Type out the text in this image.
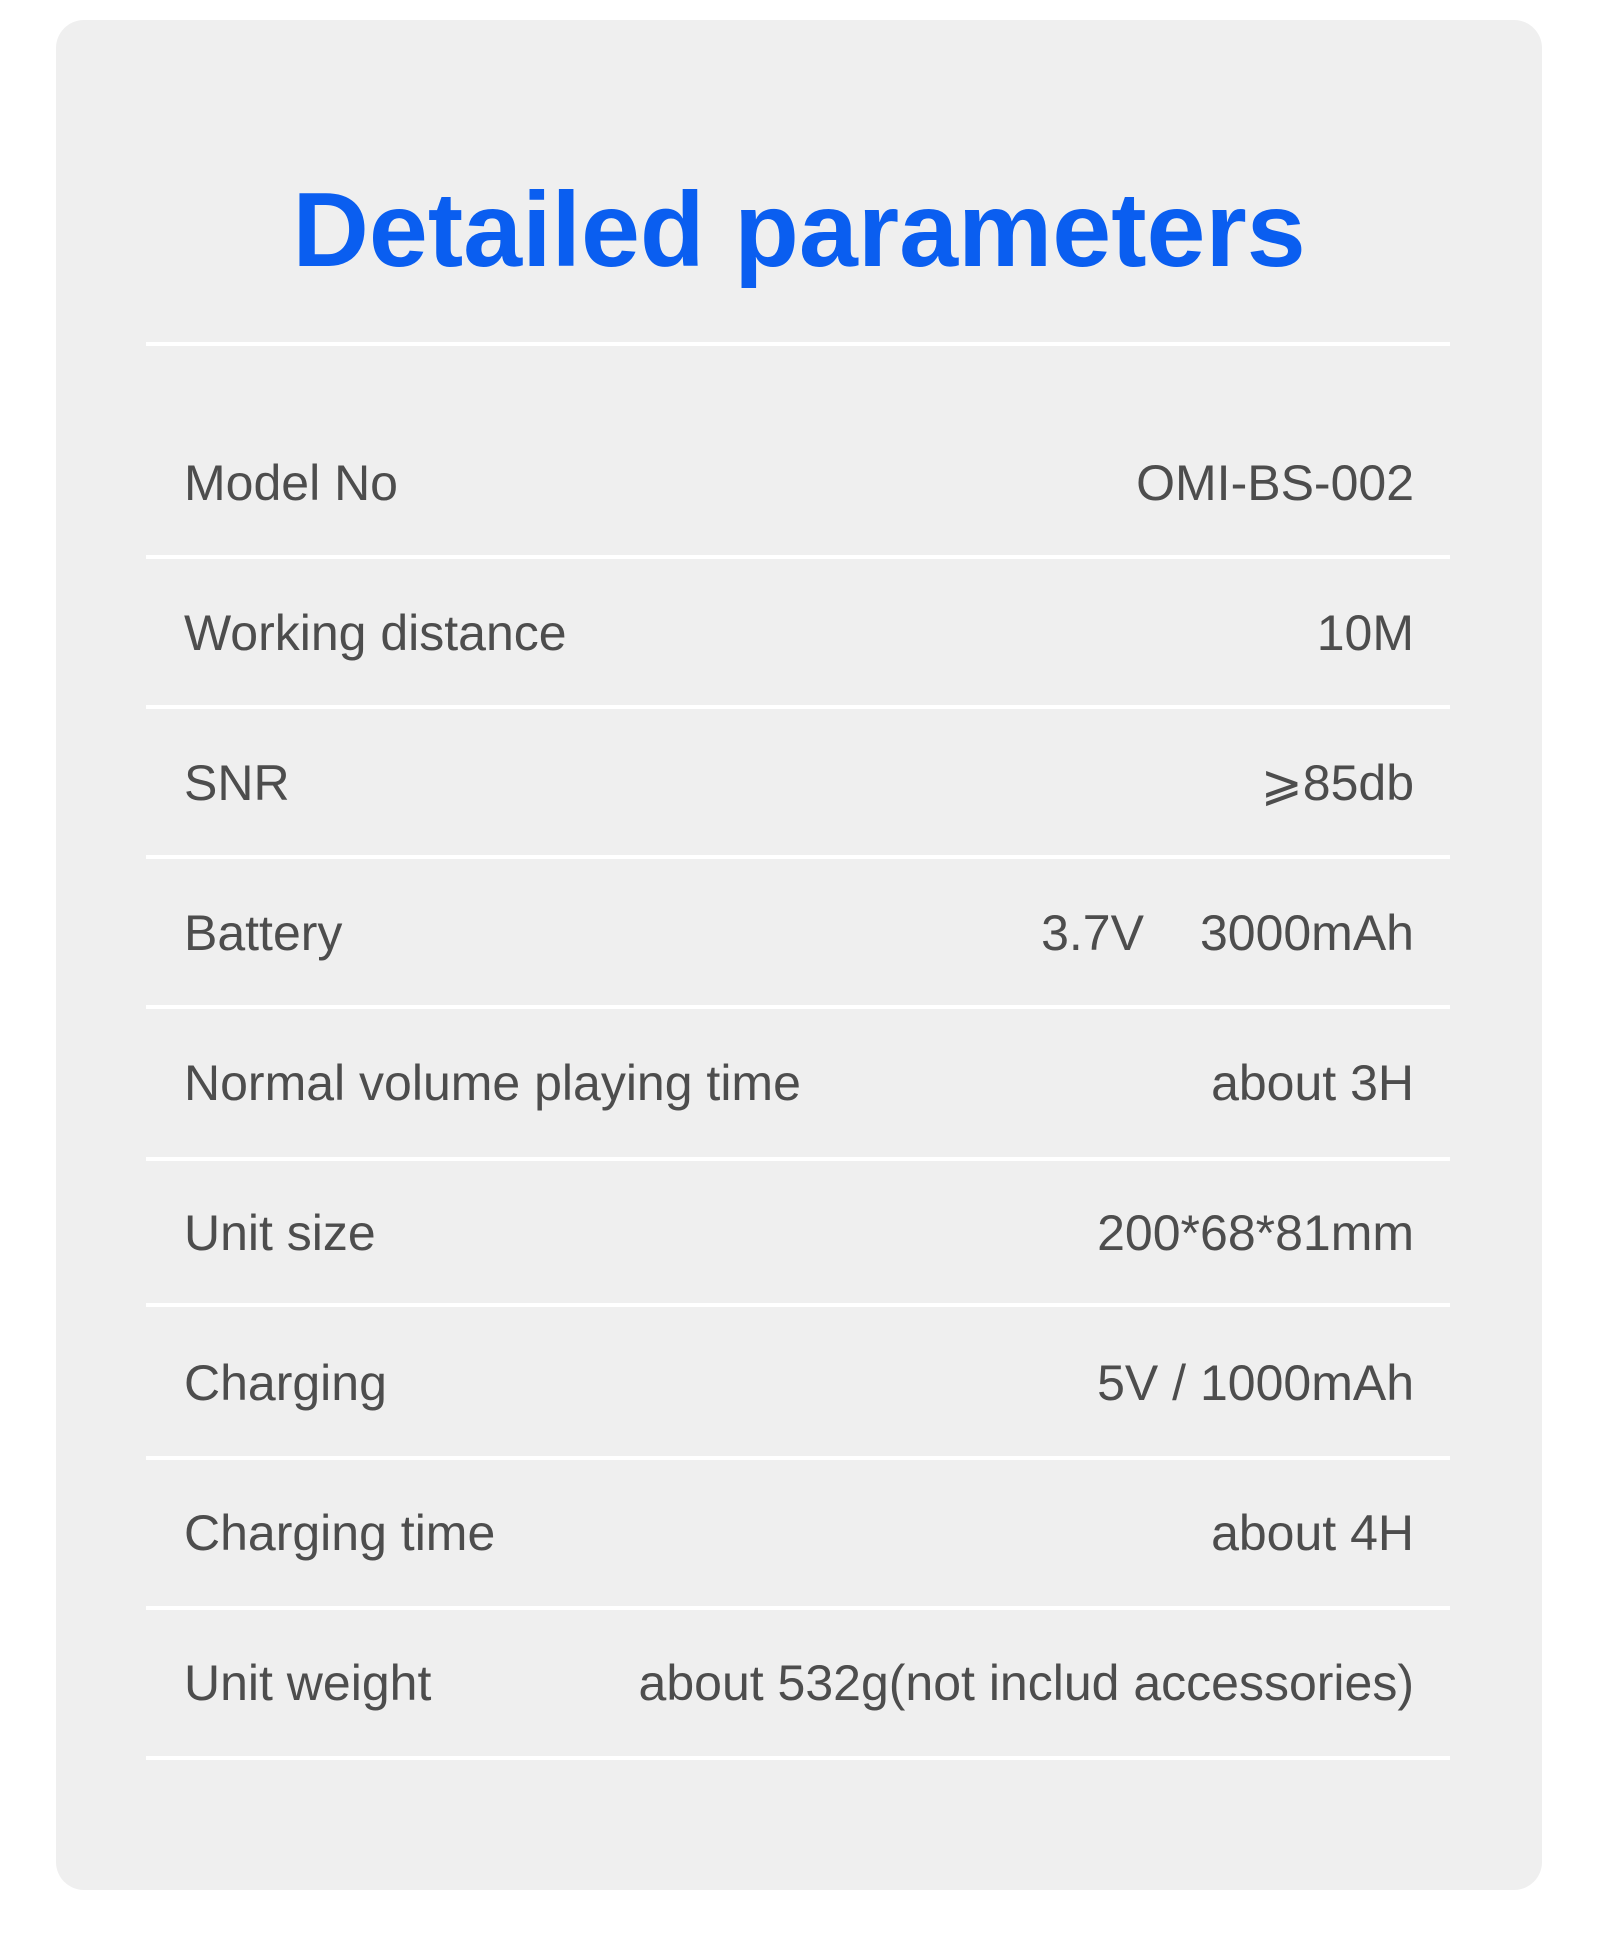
Detailed parameters
Model No	OMI-BS-002
Working distance	10M
SNR	⩾85db
Battery	3.7V 3000mAh
Normal volume playing time	about 3H
Unit size	200*68*81mm
Charging	5V / 1000mAh
Charging time	about 4H
Unit weight	about 532g(not includ accessories)
